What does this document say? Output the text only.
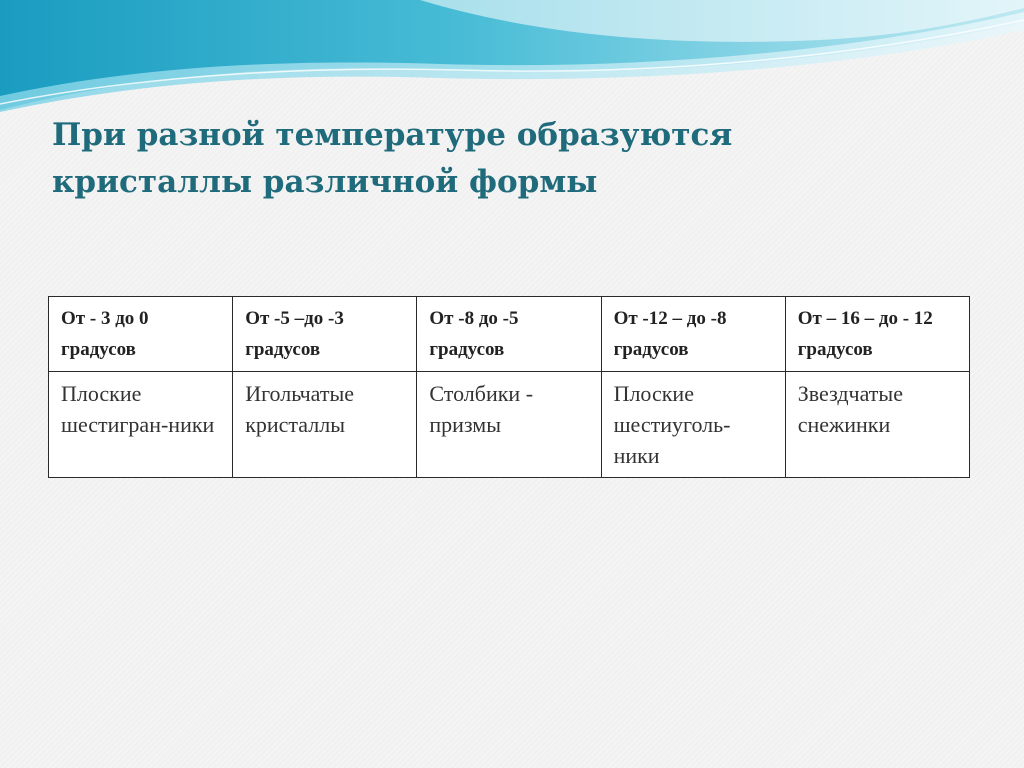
При разной температуре образуются
кристаллы различной формы
От - 3 до 0 градусов	От -5 –до -3 градусов	От -8 до -5 градусов	От -12 – до -8 градусов	От – 16 – до - 12 градусов
Плоские шестигран-ники	Игольчатые кристаллы	Столбики - призмы	Плоские шестиуголь-ники	Звездчатые снежинки
